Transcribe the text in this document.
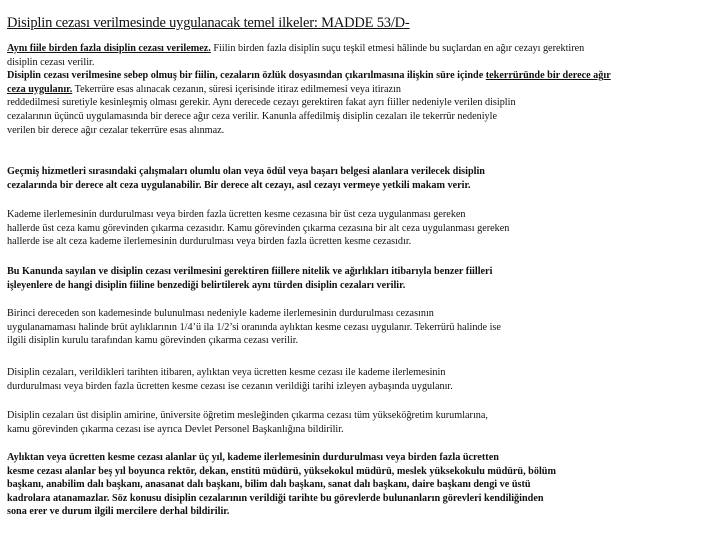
Disiplin cezası verilmesinde uygulanacak temel ilkeler: MADDE 53/D-
Aynı fiile birden fazla disiplin cezası verilemez. Fiilin birden fazla disiplin suçu teşkil etmesi hâlinde bu suçlardan en ağır cezayı gerektiren
disiplin cezası verilir.
Disiplin cezası verilmesine sebep olmuş bir fiilin, cezaların özlük dosyasından çıkarılmasına ilişkin süre içinde tekerrüründe bir derece ağır
ceza uygulanır. Tekerrüre esas alınacak cezanın, süresi içerisinde itiraz edilmemesi veya itirazın
reddedilmesi suretiyle kesinleşmiş olması gerekir. Aynı derecede cezayı gerektiren fakat ayrı fiiller nedeniyle verilen disiplin
cezalarının üçüncü uygulamasında bir derece ağır ceza verilir. Kanunla affedilmiş disiplin cezaları ile tekerrür nedeniyle
verilen bir derece ağır cezalar tekerrüre esas alınmaz.
Geçmiş hizmetleri sırasındaki çalışmaları olumlu olan veya ödül veya başarı belgesi alanlara verilecek disiplin
cezalarında bir derece alt ceza uygulanabilir. Bir derece alt cezayı, asıl cezayı vermeye yetkili makam verir.
Kademe ilerlemesinin durdurulması veya birden fazla ücretten kesme cezasına bir üst ceza uygulanması gereken
hallerde üst ceza kamu görevinden çıkarma cezasıdır. Kamu görevinden çıkarma cezasına bir alt ceza uygulanması gereken
hallerde ise alt ceza kademe ilerlemesinin durdurulması veya birden fazla ücretten kesme cezasıdır.
Bu Kanunda sayılan ve disiplin cezası verilmesini gerektiren fiillere nitelik ve ağırlıkları itibarıyla benzer fiilleri
işleyenlere de hangi disiplin fiiline benzediği belirtilerek aynı türden disiplin cezaları verilir.
Birinci dereceden son kademesinde bulunulması nedeniyle kademe ilerlemesinin durdurulması cezasının
uygulanamaması halinde brüt aylıklarının 1/4’ü ila 1/2’si oranında aylıktan kesme cezası uygulanır. Tekerrürü halinde ise
ilgili disiplin kurulu tarafından kamu görevinden çıkarma cezası verilir.
Disiplin cezaları, verildikleri tarihten itibaren, aylıktan veya ücretten kesme cezası ile kademe ilerlemesinin
durdurulması veya birden fazla ücretten kesme cezası ise cezanın verildiği tarihi izleyen aybaşında uygulanır.
Disiplin cezaları üst disiplin amirine, üniversite öğretim mesleğinden çıkarma cezası tüm yükseköğretim kurumlarına,
kamu görevinden çıkarma cezası ise ayrıca Devlet Personel Başkanlığına bildirilir.
Aylıktan veya ücretten kesme cezası alanlar üç yıl, kademe ilerlemesinin durdurulması veya birden fazla ücretten
kesme cezası alanlar beş yıl boyunca rektör, dekan, enstitü müdürü, yüksekokul müdürü, meslek yüksekokulu müdürü, bölüm
başkanı, anabilim dalı başkanı, anasanat dalı başkanı, bilim dalı başkanı, sanat dalı başkanı, daire başkanı dengi ve üstü
kadrolara atanamazlar. Söz konusu disiplin cezalarının verildiği tarihte bu görevlerde bulunanların görevleri kendiliğinden
sona erer ve durum ilgili mercilere derhal bildirilir.
